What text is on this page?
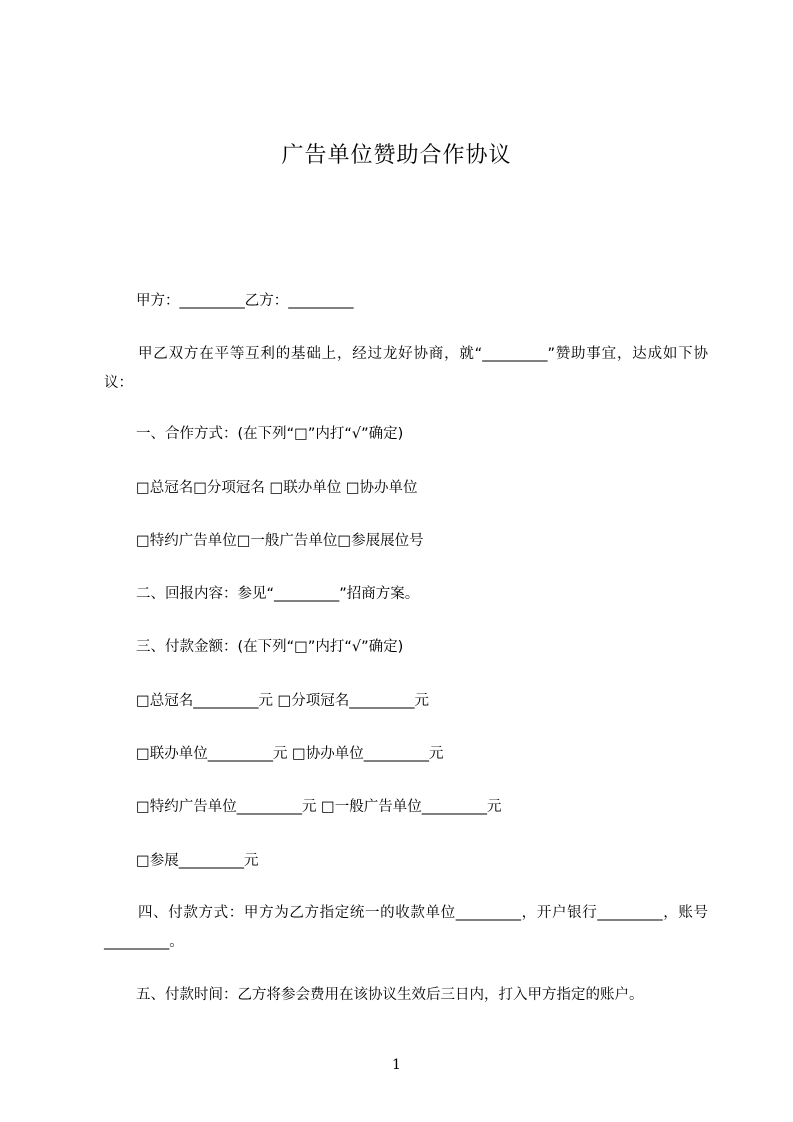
广告单位赞助合作协议
甲方：_________乙方：_________
甲乙双方在平等互利的基础上，经过龙好协商，就“_________”赞助事宜，达成如下协议：
一、合作方式：(在下列“□”内打“√”确定)
□总冠名□分项冠名 □联办单位 □协办单位
□特约广告单位□一般广告单位□参展展位号
二、回报内容：参见“_________”招商方案。
三、付款金额：(在下列“□”内打“√”确定)
□总冠名_________元 □分项冠名_________元
□联办单位_________元 □协办单位_________元
□特约广告单位_________元 □一般广告单位_________元
□参展_________元
四、付款方式：甲方为乙方指定统一的收款单位_________，开户银行_________，账号_________。
五、付款时间：乙方将参会费用在该协议生效后三日内，打入甲方指定的账户。
1
